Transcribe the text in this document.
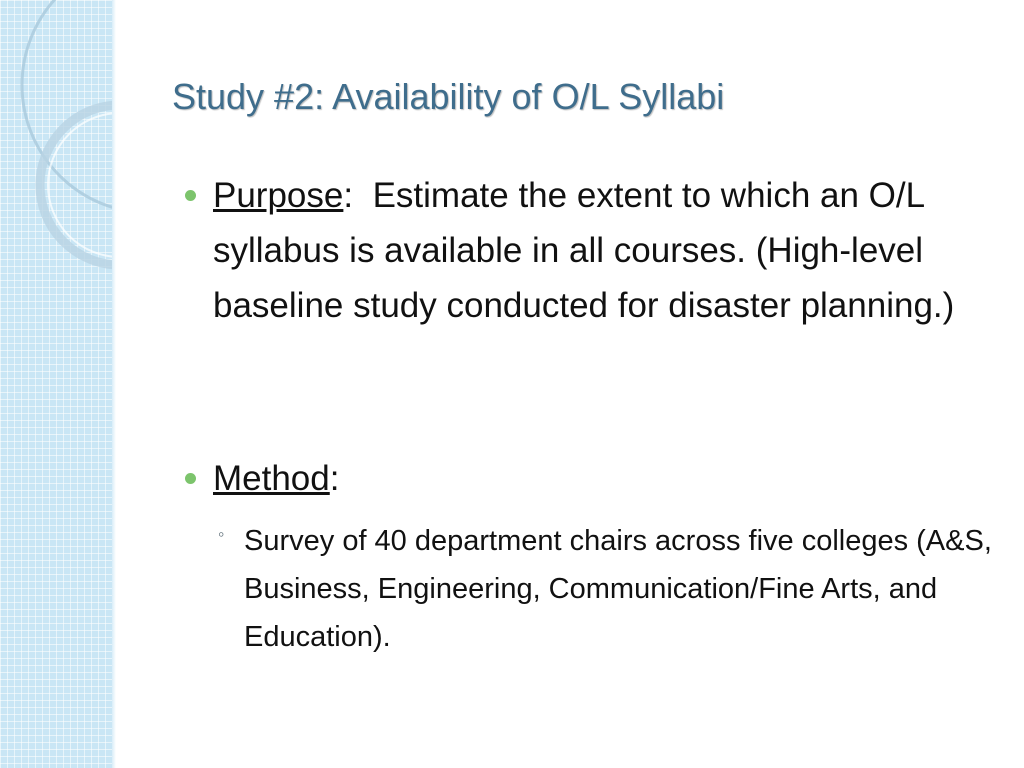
Study #2: Availability of O/L Syllabi
Purpose:  Estimate the extent to which an O/L syllabus is available in all courses. (High-level baseline study conducted for disaster planning.)
Method:
◦ Survey of 40 department chairs across five colleges (A&S, Business, Engineering, Communication/Fine Arts, and Education).
